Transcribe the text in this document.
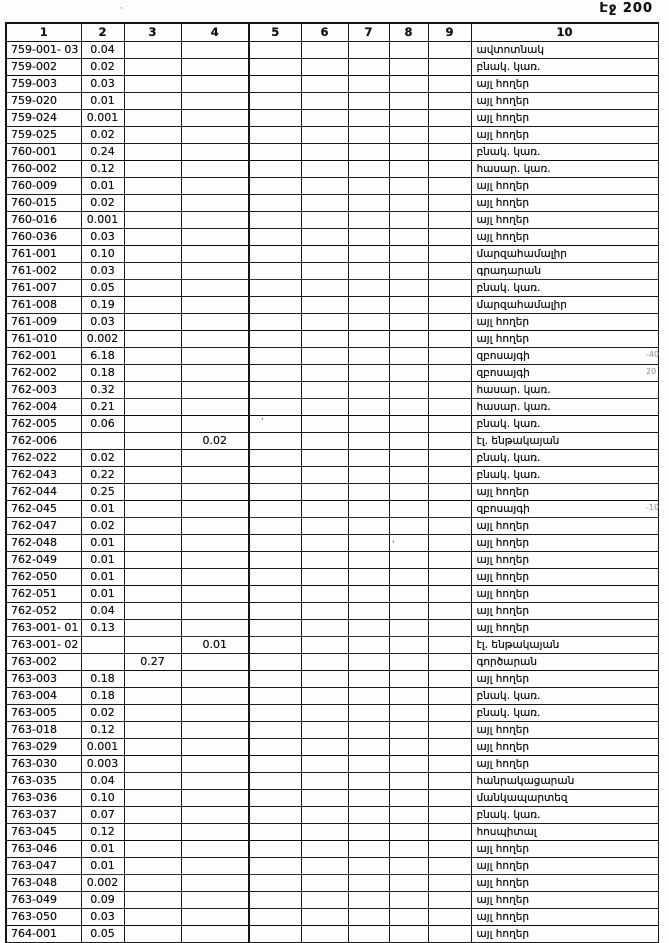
Էջ 200
1	2	3	4	5	6	7	8	9	10
759-001- 03	0.04								ավտոտնակ
759-002	0.02								բնակ. կառ.
759-003	0.03								այլ հողեր
759-020	0.01								այլ հողեր
759-024	0.001								այլ հողեր
759-025	0.02								այլ հողեր
760-001	0.24								բնակ. կառ.
760-002	0.12								հասար. կառ.
760-009	0.01								այլ հողեր
760-015	0.02								այլ հողեր
760-016	0.001								այլ հողեր
760-036	0.03								այլ հողեր
761-001	0.10								մարզահամալիր
761-002	0.03								գրադարան
761-007	0.05								բնակ. կառ.
761-008	0.19								մարզահամալիր
761-009	0.03								այլ հողեր
761-010	0.002								այլ հողեր
762-001	6.18								զբոսայգի
762-002	0.18								զբոսայգի
762-003	0.32								հասար. կառ.
762-004	0.21								հասար. կառ.
762-005	0.06								բնակ. կառ.
762-006			0.02						էլ. ենթակայան
762-022	0.02								բնակ. կառ.
762-043	0.22								բնակ. կառ.
762-044	0.25								այլ հողեր
762-045	0.01								զբոսայգի
762-047	0.02								այլ հողեր
762-048	0.01								այլ հողեր
762-049	0.01								այլ հողեր
762-050	0.01								այլ հողեր
762-051	0.01								այլ հողեր
762-052	0.04								այլ հողեր
763-001- 01	0.13								այլ հողեր
763-001- 02			0.01						էլ. ենթակայան
763-002		0.27							գործարան
763-003	0.18								այլ հողեր
763-004	0.18								բնակ. կառ.
763-005	0.02								բնակ. կառ.
763-018	0.12								այլ հողեր
763-029	0.001								այլ հողեր
763-030	0.003								այլ հողեր
763-035	0.04								հանրակացարան
763-036	0.10								մանկապարտեզ
763-037	0.07								բնակ. կառ.
763-045	0.12								հոսպիտալ
763-046	0.01								այլ հողեր
763-047	0.01								այլ հողեր
763-048	0.002								այլ հողեր
763-049	0.09								այլ հողեր
763-050	0.03								այլ հողեր
764-001	0.05								այլ հողեր
-40
20
-10
'
,
·
